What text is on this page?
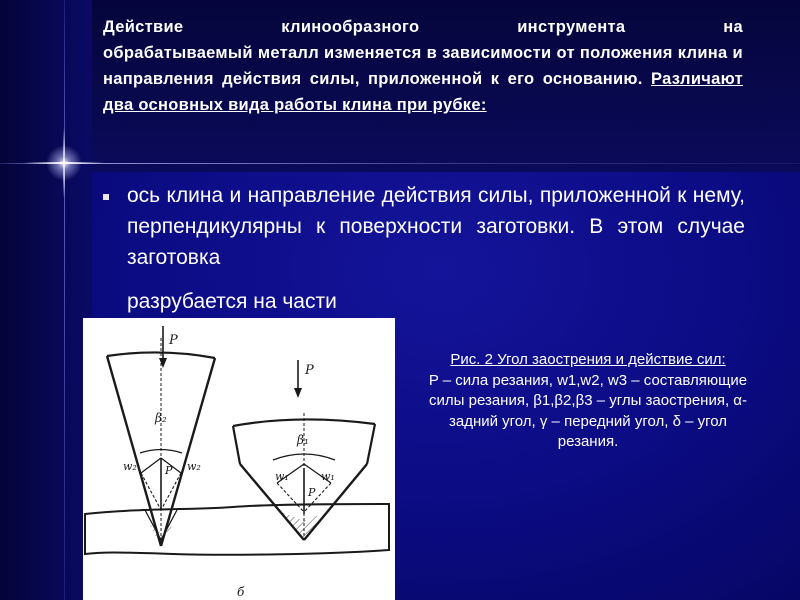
Действие	клинообразного	инструмента	на
обрабатываемый металл изменяется в зависимости от положения клина и направления действия силы, приложенной к его основанию. Различают два основных вида работы клина при рубке:

ось клина и направление действия силы, приложенной к нему, перпендикулярны к поверхности заготовки. В этом случае заготовка

разрубается на части
P
P
β₂
β₁
w₂	w₂
P	w₁	w₁
P
б
Рис. 2 Угол заострения и действие сил:
P – сила резания, w1,w2, w3 – составляющие силы резания, β1,β2,β3 – углы заострения, α- задний угол, γ – передний угол, δ – угол резания.
